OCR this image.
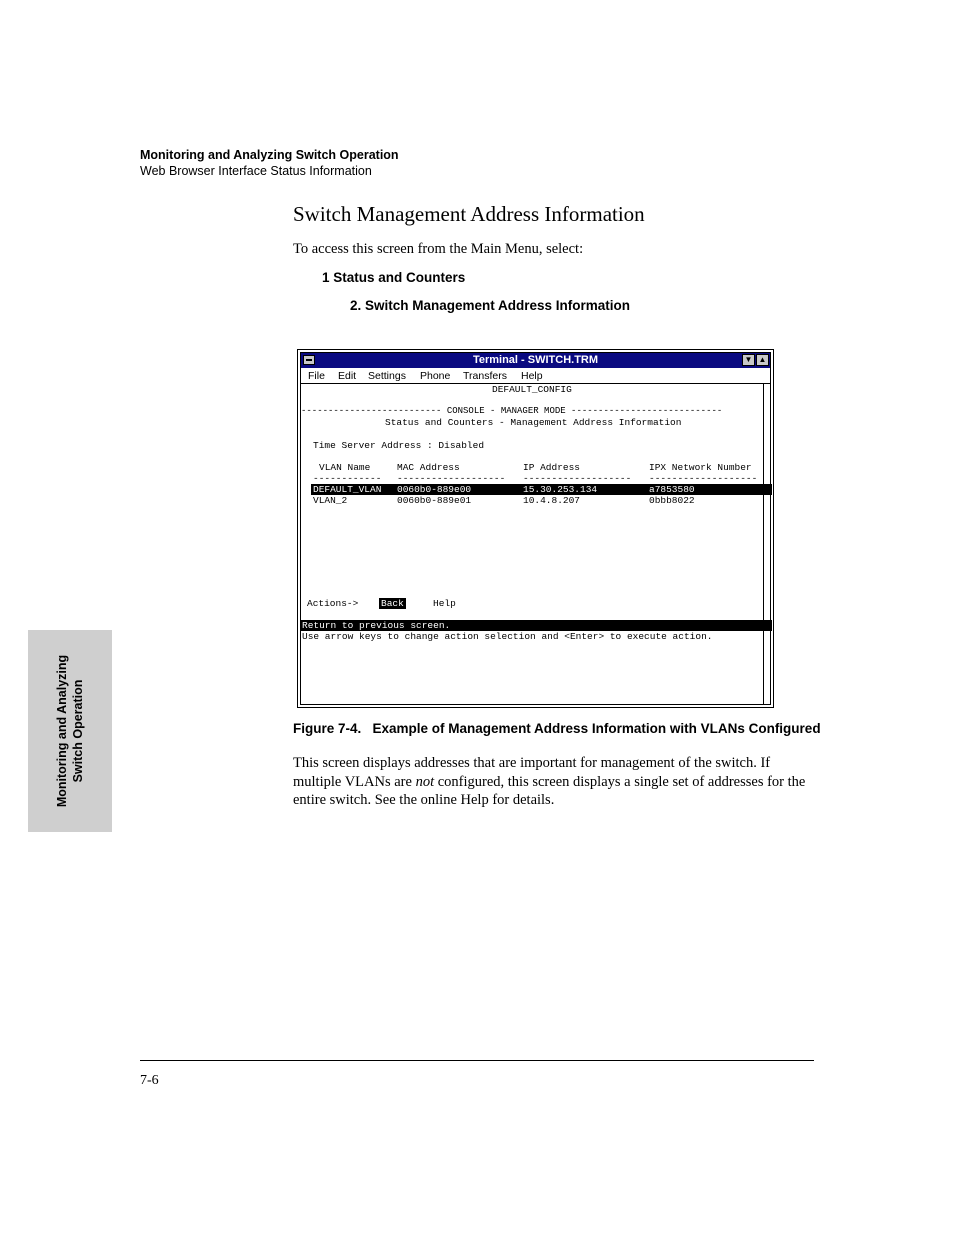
Monitoring and Analyzing Switch Operation
Web Browser Interface Status Information
Switch Management Address Information
To access this screen from the Main Menu, select:
1 Status and Counters
2. Switch Management Address Information
Monitoring and Analyzing Switch Operation
Terminal - SWITCH.TRM	▼ ▲
File Edit Settings Phone Transfers Help
DEFAULT_CONFIG
-------------------------- CONSOLE - MANAGER MODE ----------------------------
Status and Counters - Management Address Information
Time Server Address : Disabled
VLAN Name	MAC Address	IP Address	IPX Network Number
------------ ------------------- ------------------- -------------------
DEFAULT_VLAN 0060b0-889e00	15.30.253.134	a7853580
VLAN_2	0060b0-889e01	10.4.8.207	0bbb8022
Actions-> Back	Help
Return to previous screen.
Use arrow keys to change action selection and <Enter> to execute action.
Figure 7-4.   Example of Management Address Information with VLANs Configured
This screen displays addresses that are important for management of the switch. If multiple VLANs are not configured, this screen displays a single set of addresses for the entire switch. See the online Help for details.
7-6
